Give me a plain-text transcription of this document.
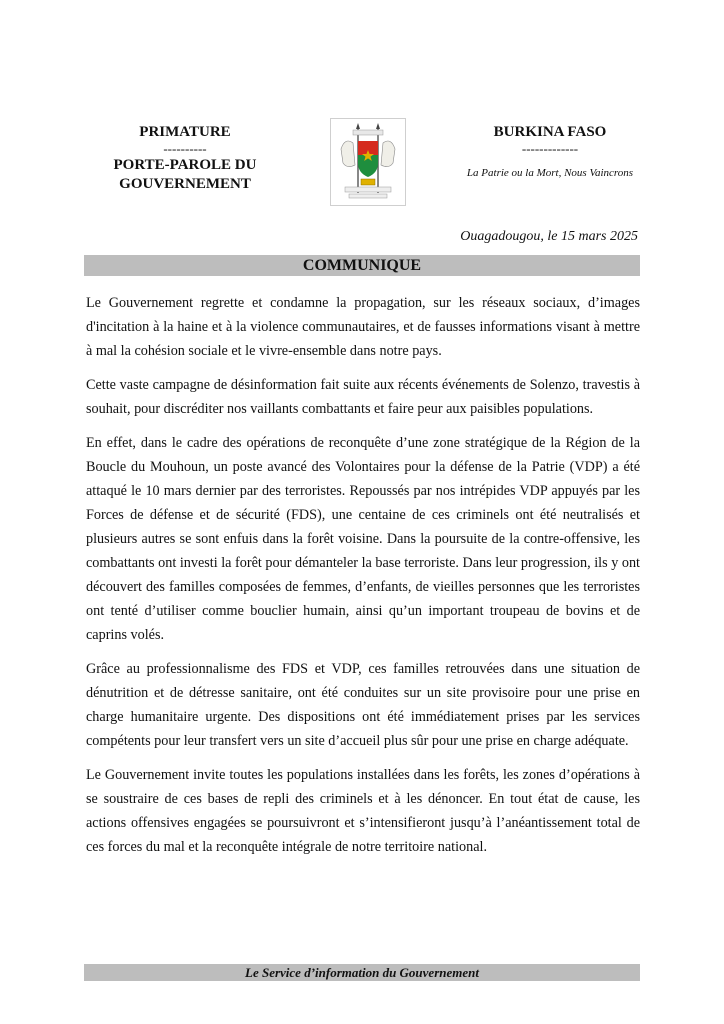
PRIMATURE
----------
PORTE-PAROLE DU
GOUVERNEMENT
BURKINA FASO
-------------
La Patrie ou la Mort, Nous Vaincrons
Ouagadougou, le 15 mars 2025
COMMUNIQUE

Le Gouvernement regrette et condamne la propagation, sur les réseaux sociaux, d’images d'incitation à la haine et à la violence communautaires, et de fausses informations visant à mettre à mal la cohésion sociale et le vivre-ensemble dans notre pays.

Cette vaste campagne de désinformation fait suite aux récents événements de Solenzo, travestis à souhait, pour discréditer nos vaillants combattants et faire peur aux paisibles populations.

En effet, dans le cadre des opérations de reconquête d’une zone stratégique de la Région de la Boucle du Mouhoun, un poste avancé des Volontaires pour la défense de la Patrie (VDP) a été attaqué le 10 mars dernier par des terroristes. Repoussés par nos intrépides VDP appuyés par les Forces de défense et de sécurité (FDS), une centaine de ces criminels ont été neutralisés et plusieurs autres se sont enfuis dans la forêt voisine. Dans la poursuite de la contre-offensive, les combattants ont investi la forêt pour démanteler la base terroriste. Dans leur progression, ils y ont découvert des familles composées de femmes, d’enfants, de vieilles personnes que les terroristes ont tenté d’utiliser comme bouclier humain, ainsi qu’un important troupeau de bovins et de caprins volés.

Grâce au professionnalisme des FDS et VDP, ces familles retrouvées dans une situation de dénutrition et de détresse sanitaire, ont été conduites sur un site provisoire pour une prise en charge humanitaire urgente. Des dispositions ont été immédiatement prises par les services compétents pour leur transfert vers un site d’accueil plus sûr pour une prise en charge adéquate.

Le Gouvernement invite toutes les populations installées dans les forêts, les zones d’opérations à se soustraire de ces bases de repli des criminels et à les dénoncer. En tout état de cause, les actions offensives engagées se poursuivront et s’intensifieront jusqu’à l’anéantissement total de ces forces du mal et la reconquête intégrale de notre territoire national.

Le Service d’information du Gouvernement
